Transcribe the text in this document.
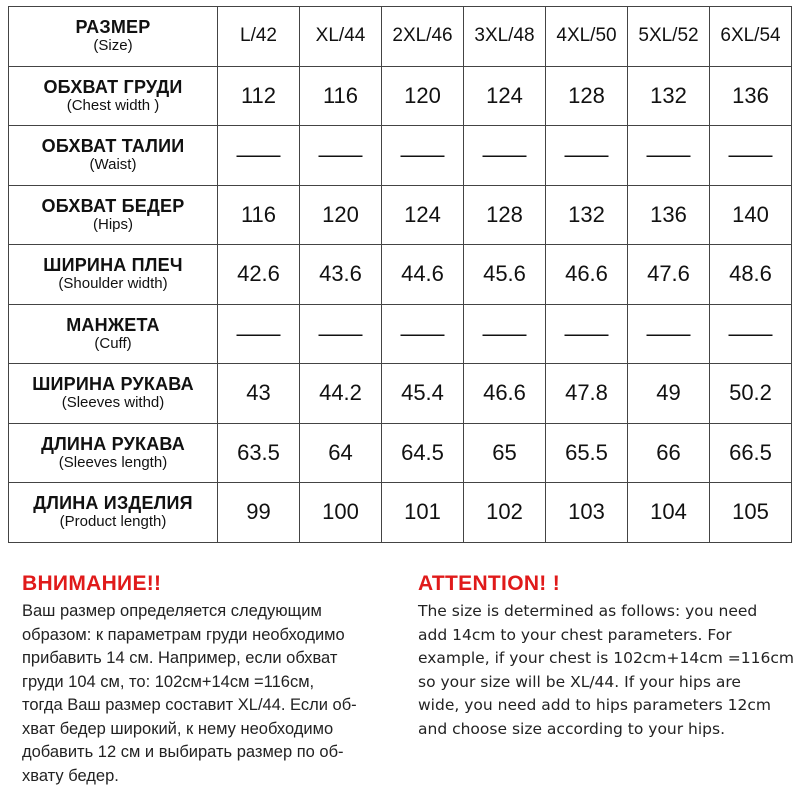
РАЗМЕР
(Size)	L/42	XL/44	2XL/46	3XL/48	4XL/50	5XL/52	6XL/54

ОБХВАТ ГРУДИ
(Chest width )	112	116	120	124	128	132	136

ОБХВАТ ТАЛИИ
(Waist)	——	——	——	——	——	——	——

ОБХВАТ БЕДЕР
(Hips)	116	120	124	128	132	136	140

ШИРИНА ПЛЕЧ
(Shoulder width)	42.6	43.6	44.6	45.6	46.6	47.6	48.6

МАНЖЕТА
(Cuff)	——	——	——	——	——	——	——

ШИРИНА РУКАВА
(Sleeves withd)	43	44.2	45.4	46.6	47.8	49	50.2

ДЛИНА РУКАВА
(Sleeves length)	63.5	64	64.5	65	65.5	66	66.5

ДЛИНА ИЗДЕЛИЯ
(Product length)	99	100	101	102	103	104	105
ВНИМАНИЕ!!
Ваш размер определяется следующим
образом: к параметрам груди необходимо
прибавить 14 см. Например, если обхват
груди 104 см, то: 102см+14см =116см,
тогда Ваш размер составит XL/44. Если об-
хват бедер широкий, к нему необходимо
добавить 12 см и выбирать размер по об-
хвату бедер.
ATTENTION! !
The size is determined as follows: you need
add 14cm to your chest parameters. For
example, if your chest is 102cm+14cm =116cm
so your size will be XL/44. If your hips are
wide, you need add to hips parameters 12cm
and choose size according to your hips.
